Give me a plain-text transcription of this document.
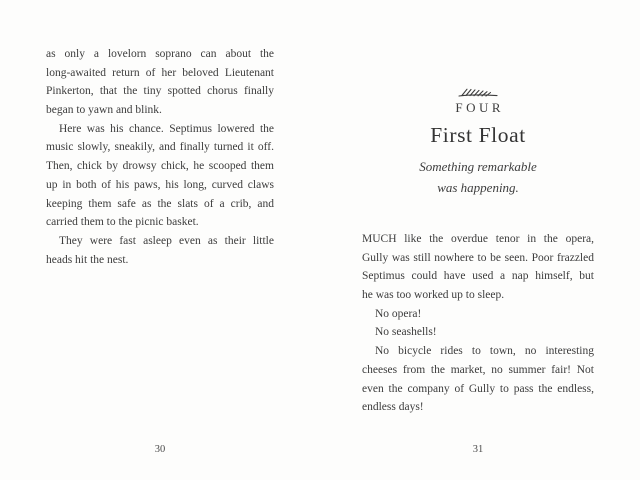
as only a lovelorn soprano can about the
long-awaited return of her beloved Lieutenant
Pinkerton, that the tiny spotted chorus finally
began to yawn and blink.
Here was his chance. Septimus lowered the
music slowly, sneakily, and finally turned it off.
Then, chick by drowsy chick, he scooped them
up in both of his paws, his long, curved claws
keeping them safe as the slats of a crib, and
carried them to the picnic basket.
They were fast asleep even as their little
heads hit the nest.
FOUR
First Float
Something remarkable
was happening.
MUCH like the overdue tenor in the opera,
Gully was still nowhere to be seen. Poor frazzled
Septimus could have used a nap himself, but
he was too worked up to sleep.
No opera!
No seashells!
No bicycle rides to town, no interesting
cheeses from the market, no summer fair! Not
even the company of Gully to pass the endless,
endless days!
30	31
